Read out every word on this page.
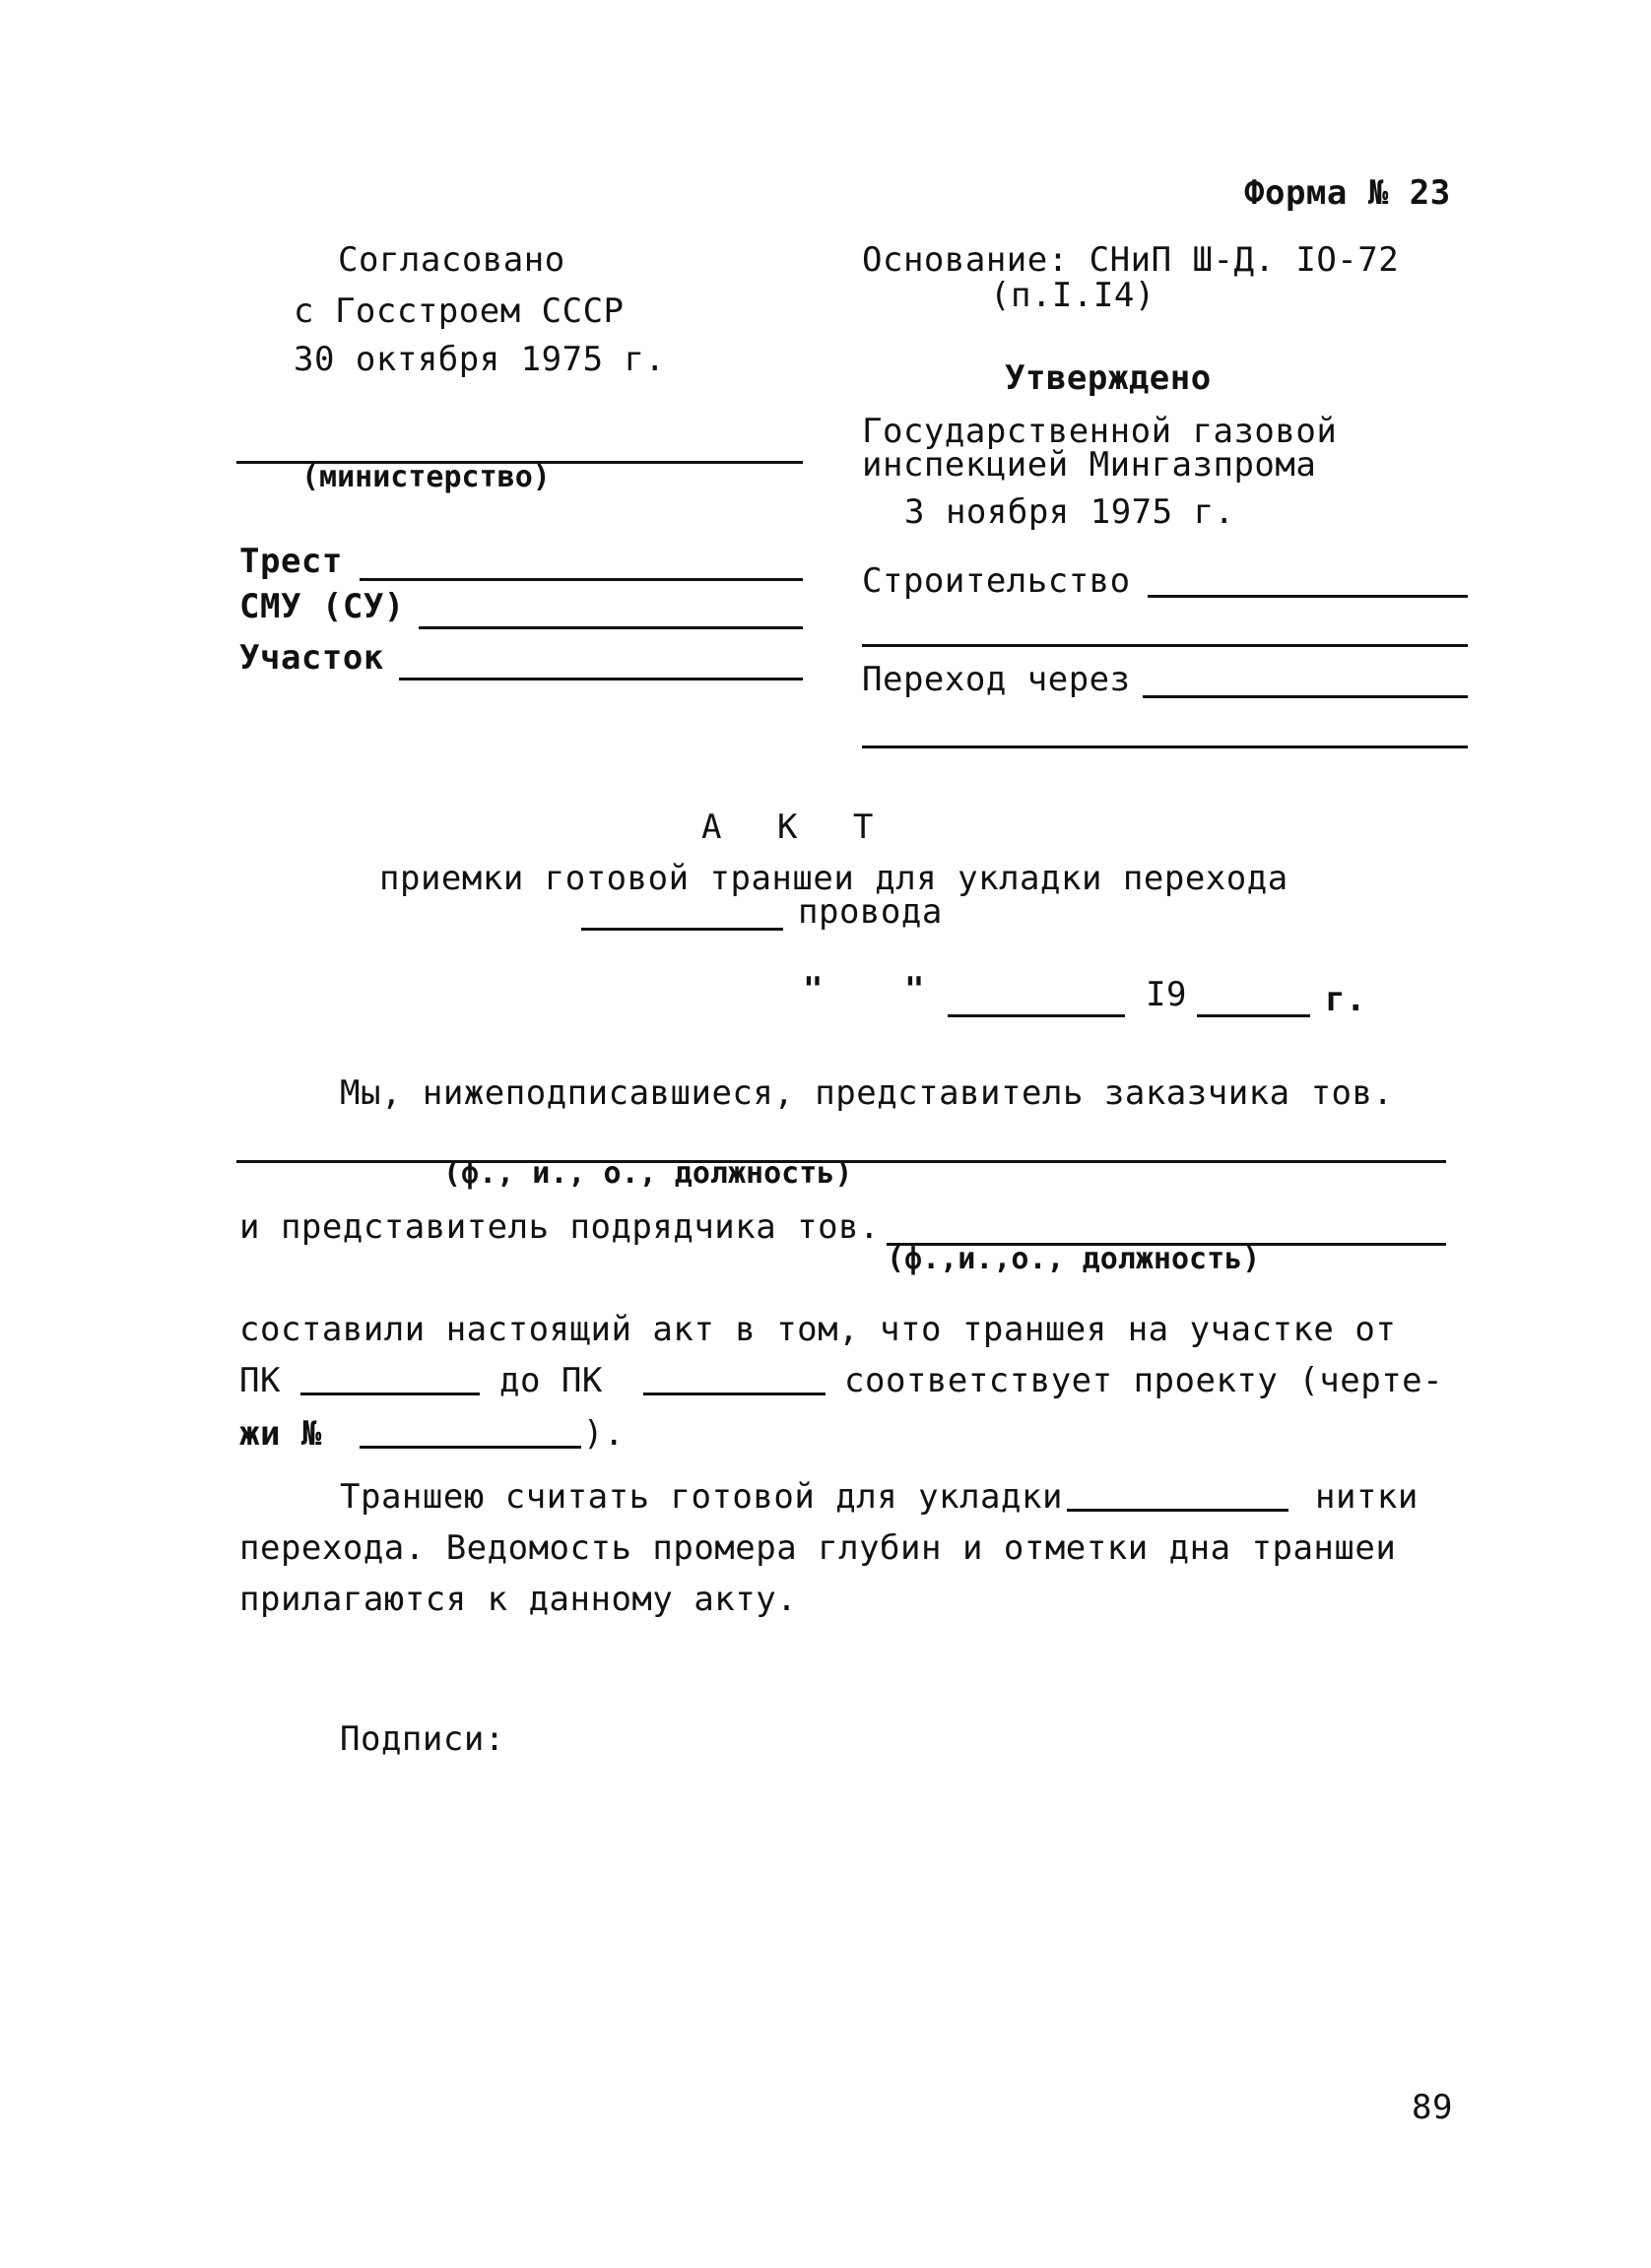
Форма № 23
Согласовано
с Госстроем СССР
30 октября 1975 г.
Основание: СНиП Ш-Д. IO-72
(п.I.I4)
Утверждено
Государственной газовой
инспекцией Мингазпрома
3 ноября 1975 г.
(министерство)
Трест
СМУ (СУ)
Участок
Строительство
Переход через
А К Т
приемки готовой траншеи для укладки перехода
провода
" "	I9	г.
Мы, нижеподписавшиеся, представитель заказчика тов.
(ф., и., о., должность)
и представитель подрядчика тов.
(ф.,и.,о., должность)
составили настоящий акт в том, что траншея на участке от
ПК	до ПК	соответствует проекту (черте-
жи №	).
Траншею считать готовой для укладки	нитки
перехода. Ведомость промера глубин и отметки дна траншеи
прилагаются к данному акту.
Подписи:
89
